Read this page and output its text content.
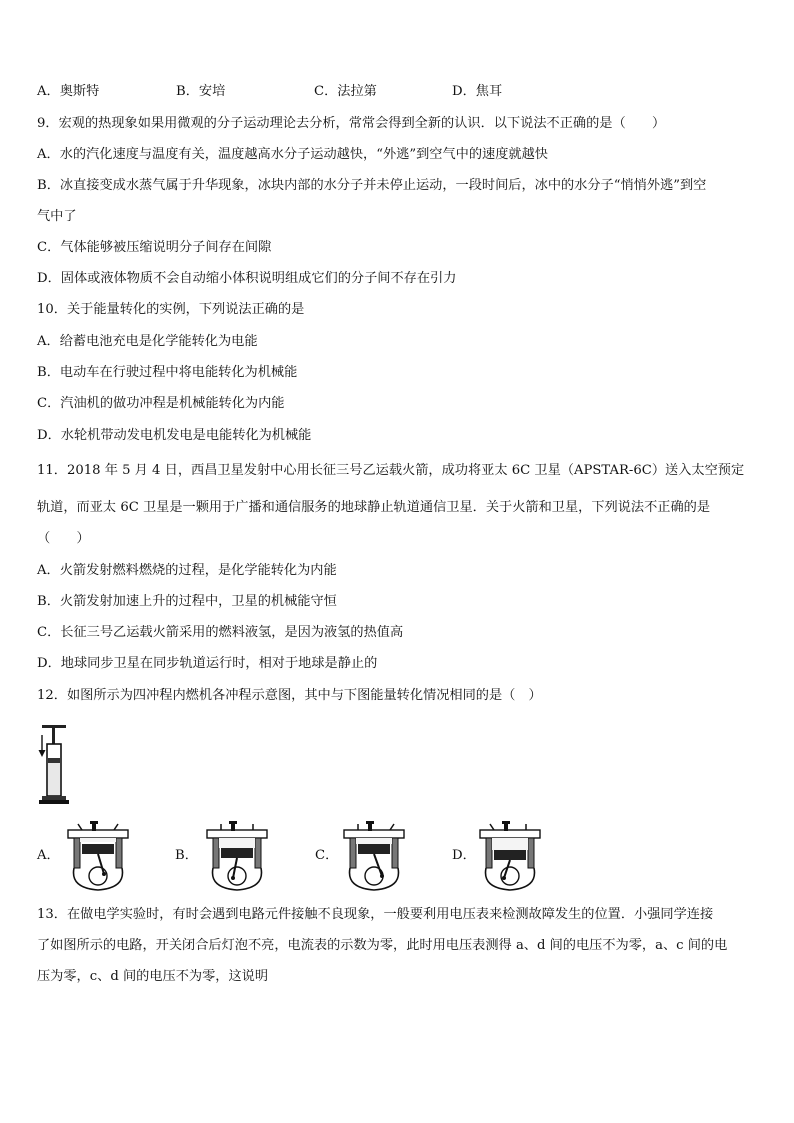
A．奥斯特	B．安培	C．法拉第	D．焦耳
9．宏观的热现象如果用微观的分子运动理论去分析，常常会得到全新的认识．以下说法不正确的是（　　）
A．水的汽化速度与温度有关，温度越高水分子运动越快，“外逃”到空气中的速度就越快
B．冰直接变成水蒸气属于升华现象，冰块内部的水分子并未停止运动，一段时间后，冰中的水分子“悄悄外逃”到空
气中了
C．气体能够被压缩说明分子间存在间隙
D．固体或液体物质不会自动缩小体积说明组成它们的分子间不存在引力
10．关于能量转化的实例，下列说法正确的是
A．给蓄电池充电是化学能转化为电能
B．电动车在行驶过程中将电能转化为机械能
C．汽油机的做功冲程是机械能转化为内能
D．水轮机带动发电机发电是电能转化为机械能
11．2018 年 5 月 4 日，西昌卫星发射中心用长征三号乙运载火箭，成功将亚太 6C 卫星（APSTAR-6C）送入太空预定
轨道，而亚太 6C 卫星是一颗用于广播和通信服务的地球静止轨道通信卫星．关于火箭和卫星，下列说法不正确的是
（　　）
A．火箭发射燃料燃烧的过程，是化学能转化为内能
B．火箭发射加速上升的过程中，卫星的机械能守恒
C．长征三号乙运载火箭采用的燃料液氢，是因为液氢的热值高
D．地球同步卫星在同步轨道运行时，相对于地球是静止的
12．如图所示为四冲程内燃机各冲程示意图，其中与下图能量转化情况相同的是（　）
A．	B．	C．	D．
13．在做电学实验时，有时会遇到电路元件接触不良现象，一般要利用电压表来检测故障发生的位置．小强同学连接
了如图所示的电路，开关闭合后灯泡不亮，电流表的示数为零，此时用电压表测得 a、d 间的电压不为零，a、c 间的电
压为零，c、d 间的电压不为零，这说明
